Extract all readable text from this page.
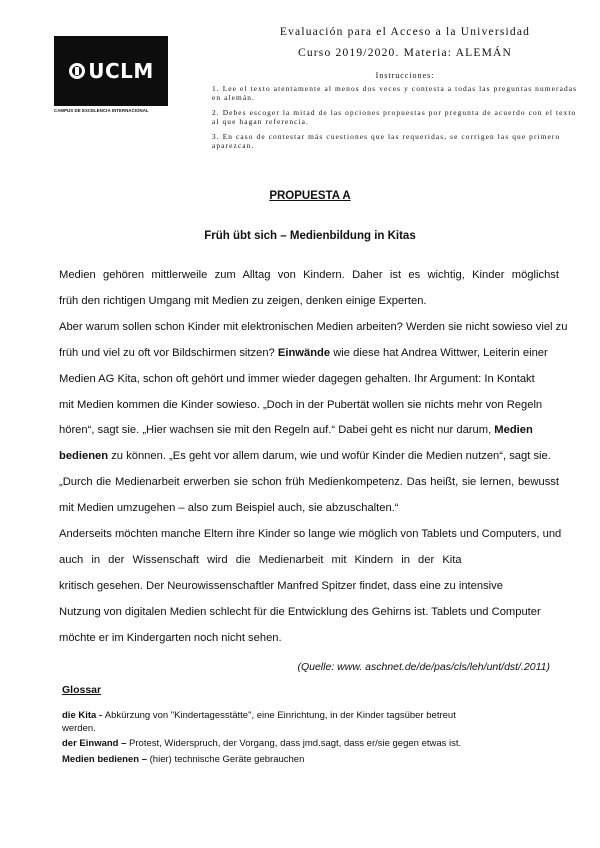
UCLM
CAMPUS DE EXCELENCIA INTERNACIONAL
Evaluación para el Acceso a la Universidad
Curso 2019/2020. Materia: ALEMÁN
Instrucciones:
1. Lee el texto atentamente al menos dos veces y contesta a todas las preguntas numeradas en alemán.
2. Debes escoger la mitad de las opciones propuestas por pregunta de acuerdo con el texto al que hagan referencia.
3. En caso de contestar más cuestiones que las requeridas, se corrigen las que primero aparezcan.
PROPUESTA A
Früh übt sich – Medienbildung in Kitas
Medien gehören mittlerweile zum Alltag von Kindern. Daher ist es wichtig, Kinder möglichst
früh den richtigen Umgang mit Medien zu zeigen, denken einige Experten.
Aber warum sollen schon Kinder mit elektronischen Medien arbeiten? Werden sie nicht sowieso viel zu
früh und viel zu oft vor Bildschirmen sitzen? Einwände wie diese hat Andrea Wittwer, Leiterin einer
Medien AG Kita, schon oft gehört und immer wieder dagegen gehalten. Ihr Argument: In Kontakt
mit Medien kommen die Kinder sowieso. „Doch in der Pubertät wollen sie nichts mehr von Regeln
hören“, sagt sie. „Hier wachsen sie mit den Regeln auf.“ Dabei geht es nicht nur darum, Medien
bedienen zu können. „Es geht vor allem darum, wie und wofür Kinder die Medien nutzen“, sagt sie.
„Durch die Medienarbeit erwerben sie schon früh Medienkompetenz. Das heißt, sie lernen, bewusst
mit Medien umzugehen – also zum Beispiel auch, sie abzuschalten.“
Anderseits möchten manche Eltern ihre Kinder so lange wie möglich von Tablets und Computers, und
auch in der Wissenschaft wird die Medienarbeit mit Kindern in der Kita
kritisch gesehen. Der Neurowissenschaftler Manfred Spitzer findet, dass eine zu intensive
Nutzung von digitalen Medien schlecht für die Entwicklung des Gehirns ist. Tablets und Computer
möchte er im Kindergarten noch nicht sehen.
(Quelle: www. aschnet.de/de/pas/cls/leh/unt/dst/.2011)
Glossar
die Kita - Abkürzung von "Kindertagesstätte", eine Einrichtung, in der Kinder tagsüber betreut werden.
der Einwand – Protest, Widerspruch, der Vorgang, dass jmd.sagt, dass er/sie gegen etwas ist.
Medien bedienen – (hier) technische Geräte gebrauchen
